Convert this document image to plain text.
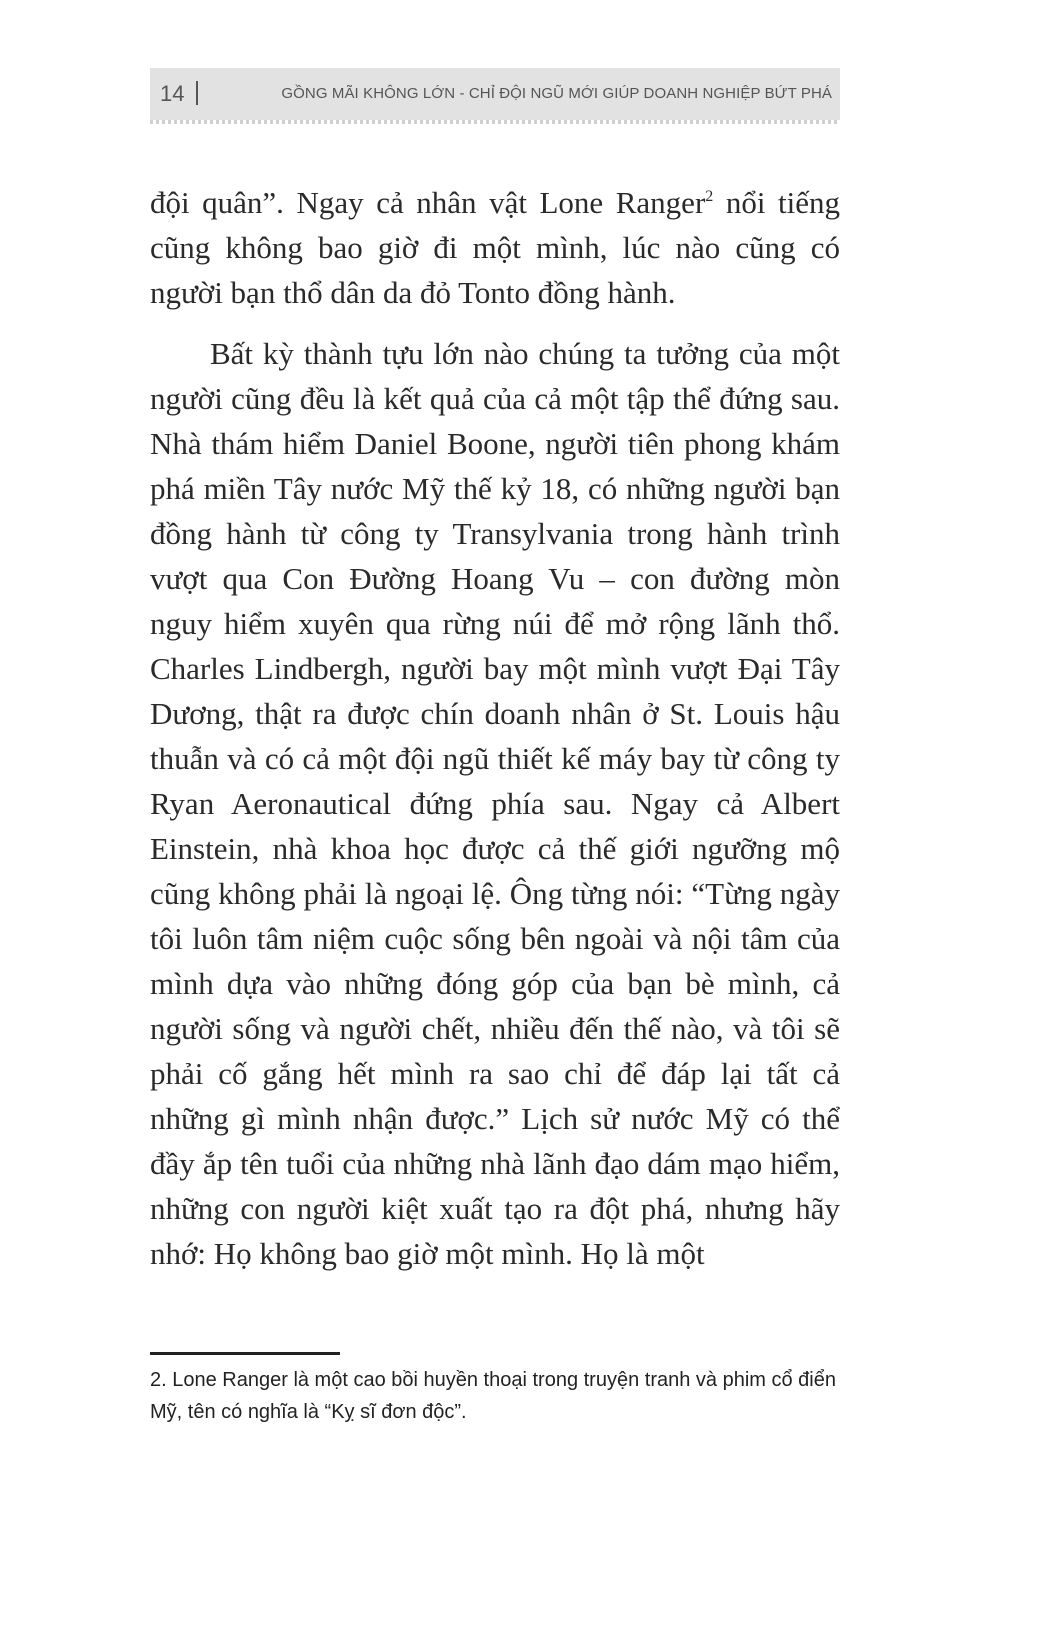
14	GỒNG MÃI KHÔNG LỚN - CHỈ ĐỘI NGŨ MỚI GIÚP DOANH NGHIỆP BỨT PHÁ

đội quân”. Ngay cả nhân vật Lone Ranger$^2$ nổi tiếng cũng không bao giờ đi một mình, lúc nào cũng có người bạn thổ dân da đỏ Tonto đồng hành.

Bất kỳ thành tựu lớn nào chúng ta tưởng của một người cũng đều là kết quả của cả một tập thể đứng sau. Nhà thám hiểm Daniel Boone, người tiên phong khám phá miền Tây nước Mỹ thế kỷ 18, có những người bạn đồng hành từ công ty Transylvania trong hành trình vượt qua Con Đường Hoang Vu – con đường mòn nguy hiểm xuyên qua rừng núi để mở rộng lãnh thổ. Charles Lindbergh, người bay một mình vượt Đại Tây Dương, thật ra được chín doanh nhân ở St. Louis hậu thuẫn và có cả một đội ngũ thiết kế máy bay từ công ty Ryan Aeronautical đứng phía sau. Ngay cả Albert Einstein, nhà khoa học được cả thế giới ngưỡng mộ cũng không phải là ngoại lệ. Ông từng nói: “Từng ngày tôi luôn tâm niệm cuộc sống bên ngoài và nội tâm của mình dựa vào những đóng góp của bạn bè mình, cả người sống và người chết, nhiều đến thế nào, và tôi sẽ phải cố gắng hết mình ra sao chỉ để đáp lại tất cả những gì mình nhận được.” Lịch sử nước Mỹ có thể đầy ắp tên tuổi của những nhà lãnh đạo dám mạo hiểm, những con người kiệt xuất tạo ra đột phá, nhưng hãy nhớ: Họ không bao giờ một mình. Họ là một

2. Lone Ranger là một cao bồi huyền thoại trong truyện tranh và phim cổ điển Mỹ, tên có nghĩa là “Kỵ sĩ đơn độc”.
